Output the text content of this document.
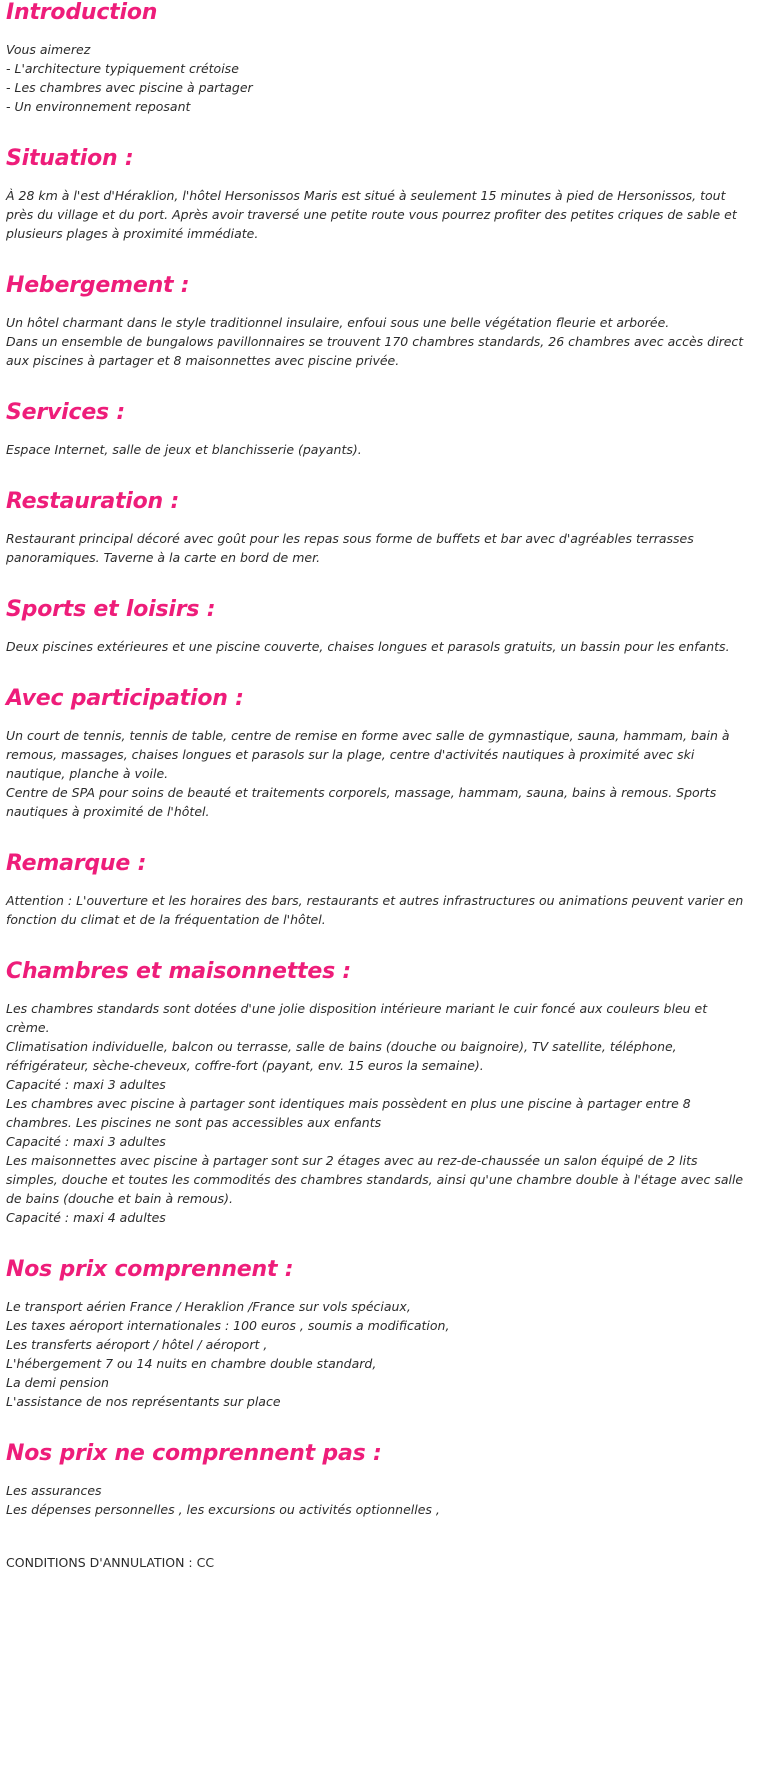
Introduction
Vous aimerez
- L'architecture typiquement crétoise
- Les chambres avec piscine à partager
- Un environnement reposant
Situation :

À 28 km à l'est d'Héraklion, l'hôtel Hersonissos Maris est situé à seulement 15 minutes à pied de Hersonissos, tout près du village et du port. Après avoir traversé une petite route vous pourrez profiter des petites criques de sable et plusieurs plages à proximité immédiate.

Hebergement :

Un hôtel charmant dans le style traditionnel insulaire, enfoui sous une belle végétation fleurie et arborée.

Dans un ensemble de bungalows pavillonnaires se trouvent 170 chambres standards, 26 chambres avec accès direct aux piscines à partager et 8 maisonnettes avec piscine privée.

Services :

Espace Internet, salle de jeux et blanchisserie (payants).

Restauration :

Restaurant principal décoré avec goût pour les repas sous forme de buffets et bar avec d'agréables terrasses panoramiques. Taverne à la carte en bord de mer.

Sports et loisirs :

Deux piscines extérieures et une piscine couverte, chaises longues et parasols gratuits, un bassin pour les enfants.

Avec participation :

Un court de tennis, tennis de table, centre de remise en forme avec salle de gymnastique, sauna, hammam, bain à remous, massages, chaises longues et parasols sur la plage, centre d'activités nautiques à proximité avec ski nautique, planche à voile.

Centre de SPA pour soins de beauté et traitements corporels, massage, hammam, sauna, bains à remous. Sports nautiques à proximité de l'hôtel.

Remarque :

Attention : L'ouverture et les horaires des bars, restaurants et autres infrastructures ou animations peuvent varier en fonction du climat et de la fréquentation de l'hôtel.

Chambres et maisonnettes :

Les chambres standards sont dotées d'une jolie disposition intérieure mariant le cuir foncé aux couleurs bleu et crème.

Climatisation individuelle, balcon ou terrasse, salle de bains (douche ou baignoire), TV satellite, téléphone, réfrigérateur, sèche-cheveux, coffre-fort (payant, env. 15 euros la semaine).

Capacité : maxi 3 adultes

Les chambres avec piscine à partager sont identiques mais possèdent en plus une piscine à partager entre 8 chambres. Les piscines ne sont pas accessibles aux enfants

Capacité : maxi 3 adultes

Les maisonnettes avec piscine à partager sont sur 2 étages avec au rez-de-chaussée un salon équipé de 2 lits simples, douche et toutes les commodités des chambres standards, ainsi qu'une chambre double à l'étage avec salle de bains (douche et bain à remous).

Capacité : maxi 4 adultes

Nos prix comprennent :
Le transport aérien France / Heraklion /France sur vols spéciaux,
Les taxes aéroport internationales : 100 euros , soumis a modification,
Les transferts aéroport / hôtel / aéroport ,
L'hébergement 7 ou 14 nuits en chambre double standard,
La demi pension
L'assistance de nos représentants sur place
Nos prix ne comprennent pas :
Les assurances
Les dépenses personnelles , les excursions ou activités optionnelles ,
CONDITIONS D'ANNULATION : CC
